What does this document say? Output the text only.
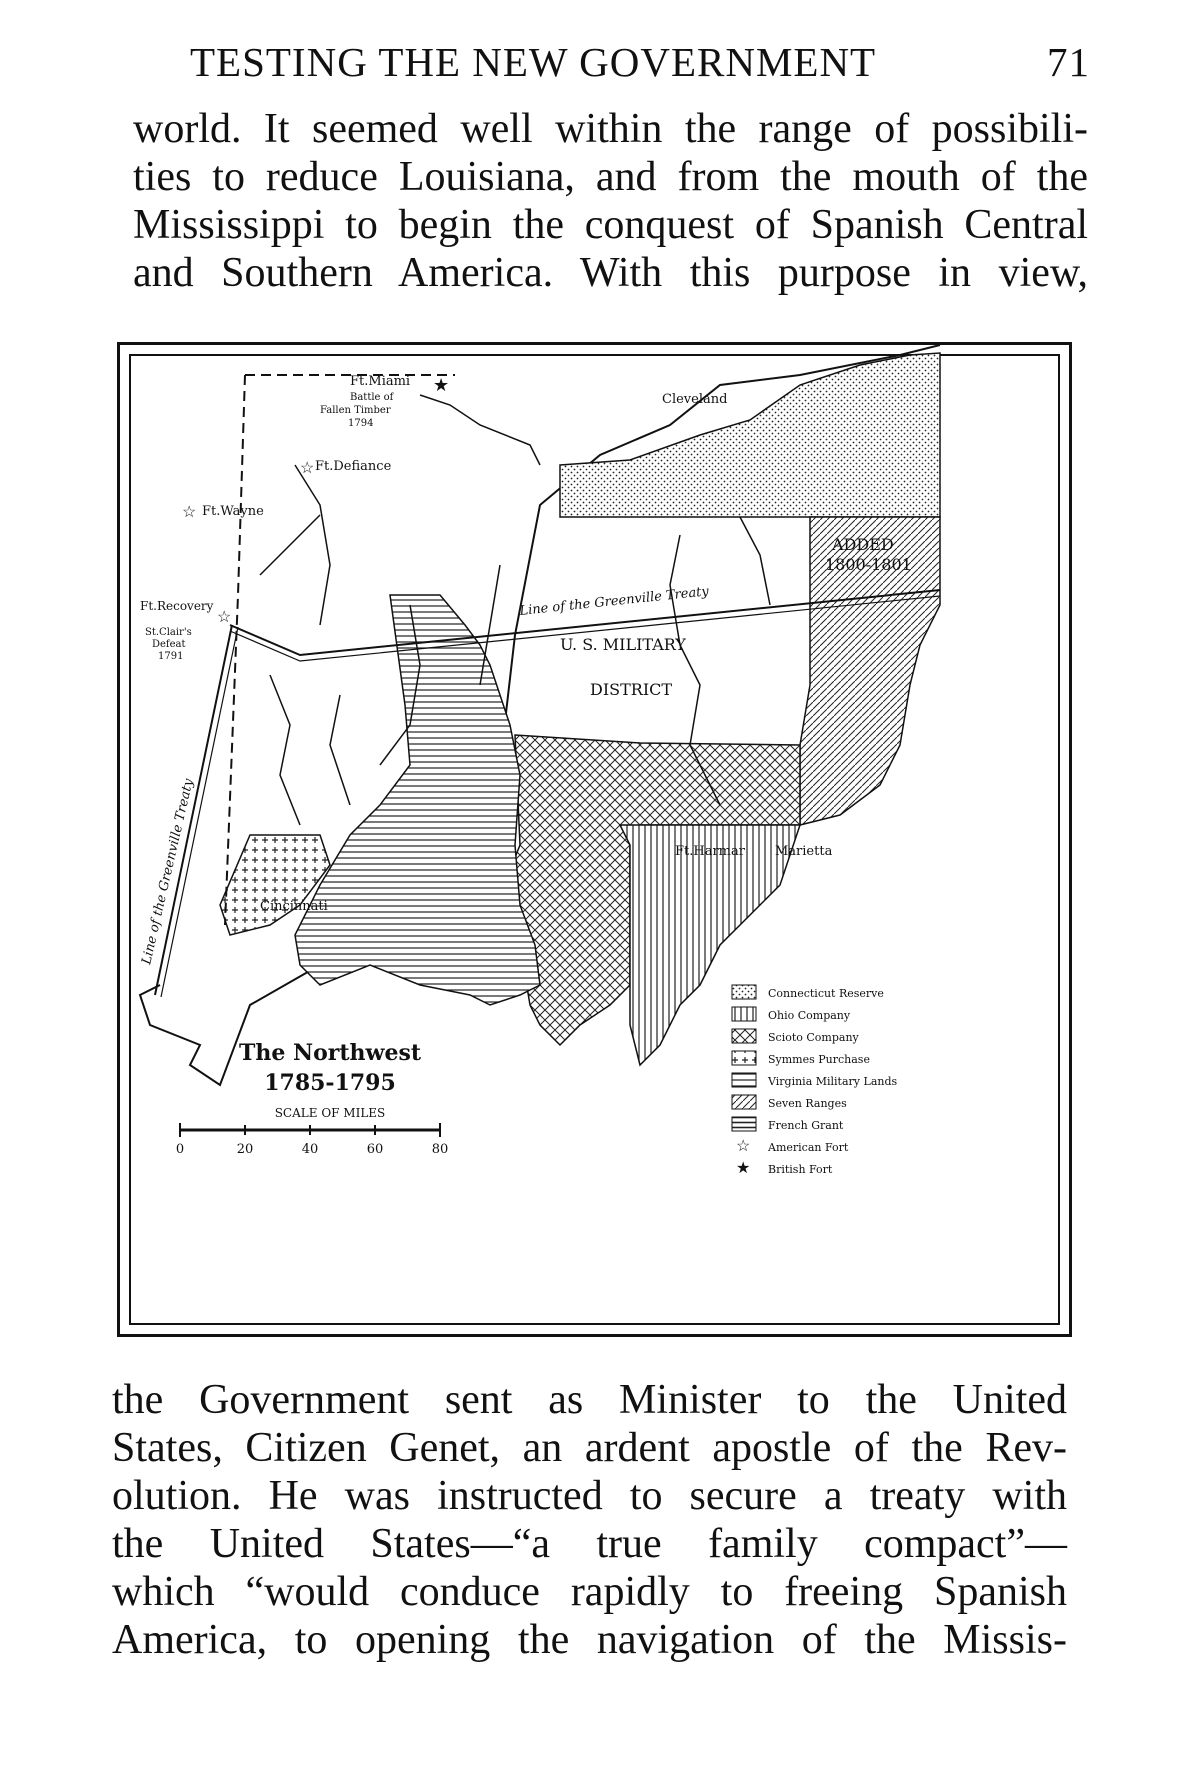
TESTING THE NEW GOVERNMENT	71
world. It seemed well within the range of possibili-
ties to reduce Louisiana, and from the mouth of the
Mississippi to begin the conquest of Spanish Central
and Southern America. With this purpose in view,
Ft.Miami
Battle of
Fallen Timber
1794
Cleveland
Ft.Defiance
Ft.Wayne
Ft.Recovery
St.Clair's
Defeat
1791
ADDED
1800-1801
Line of the Greenville Treaty
Line of the Greenville Treaty
U. S. MILITARY
DISTRICT
Ft.Harmar Marietta
Cincinnati
★
☆
☆
☆
The Northwest
1785-1795
SCALE OF MILES
0	20	40	60	80
Connecticut Reserve
Ohio Company
Scioto Company
Symmes Purchase
Virginia Military Lands
Seven Ranges
French Grant
☆ American Fort
★ British Fort
the Government sent as Minister to the United
States, Citizen Genet, an ardent apostle of the Rev-
olution. He was instructed to secure a treaty with
the United States—“a true family compact”—
which “would conduce rapidly to freeing Spanish
America, to opening the navigation of the Missis-
